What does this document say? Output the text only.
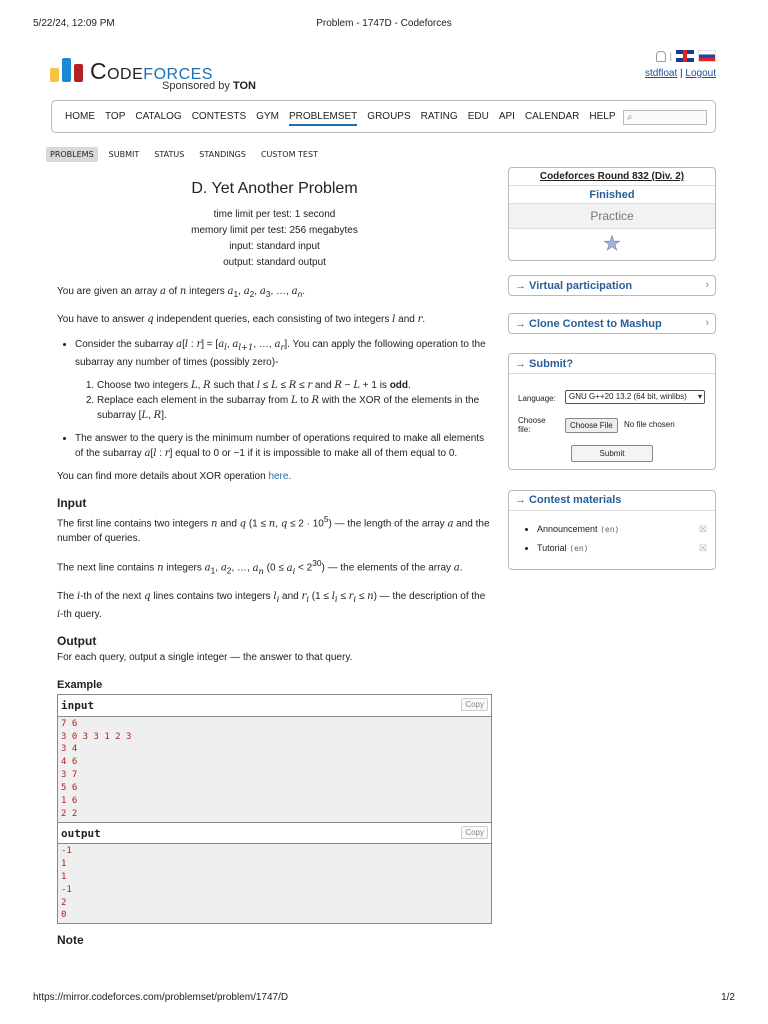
5/22/24, 12:09 PM	Problem - 1747D - Codeforces
Codeforces
Sponsored by TON
|
stdfloat | Logout
HOME TOP CATALOG CONTESTS GYM PROBLEMSET GROUPS RATING EDU API CALENDAR HELP ⌕
PROBLEMS	SUBMIT	STATUS	STANDINGS	CUSTOM TEST
D. Yet Another Problem
time limit per test: 1 second
memory limit per test: 256 megabytes
input: standard input
output: standard output
You are given an array a of n integers $a_1$, $a_2$, $a_3$, …, $a_n$.
You have to answer q independent queries, each consisting of two integers l and r.
• Consider the subarray a[l : $r] = [a_l$, $a_{l+1}$, …, $a_r$]. You can apply the following operation to the subarray any number of times (possibly zero)-
1. Choose two integers L, R such that l ≤ L ≤ R ≤ r and R − L + 1 is odd.
2. Replace each element in the subarray from L to R with the XOR of the elements in the subarray [L, R].
• The answer to the query is the minimum number of operations required to make all elements of the subarray a[l : r] equal to 0 or −1 if it is impossible to make all of them equal to 0.
You can find more details about XOR operation here.
Input
The first line contains two integers n and q (1 ≤ n, $q \le 2 \cdot 10^5$) — the length of the array a and the number of queries.
The next line contains n integers $a_1$, $a_2$, …, $a_n$ $(0 \le a_i < 2^{30})$ — the elements of the array a.
The i-th of the next q lines contains two integers $l_i$ and $r_i$ $(1 \le l_i \le r_i \le n)$ — the description of the i-th query.
Output
For each query, output a single integer — the answer to that query.
Example
input	Copy
7 6
3 0 3 3 1 2 3
3 4
4 6
3 7
5 6
1 6
2 2
output	Copy
-1
1
1
-1
2
0
Note
Codeforces Round 832 (Div. 2)
Finished
Practice
★
→ Virtual participation	›
→ Clone Contest to Mashup	›
→ Submit?
Language:	GNU G++20 13.2 (64 bit, winlibs) ▾
Choose file:	Choose File	No file chosen
Submit
→ Contest materials
• Announcement (en)	☒
• Tutorial (en)	☒
https://mirror.codeforces.com/problemset/problem/1747/D	1/2
